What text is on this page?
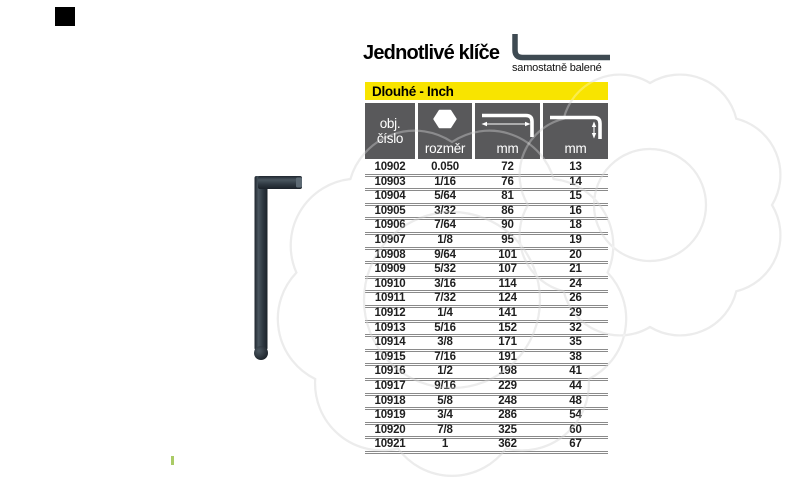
Jednotlivé klíče
samostatně balené
Dlouhé - Inch
obj.
číslo
rozměr mm	mm
10902	0.050	72	13
10903	1/16	76	14
10904	5/64	81	15
10905	3/32	86	16
10906	7/64	90	18
10907	1/8	95	19
10908	9/64	101	20
10909	5/32	107	21
10910	3/16	114	24
10911	7/32	124	26
10912	1/4	141	29
10913	5/16	152	32
10914	3/8	171	35
10915	7/16	191	38
10916	1/2	198	41
10917	9/16	229	44
10918	5/8	248	48
10919	3/4	286	54
10920	7/8	325	60
10921	1	362	67
